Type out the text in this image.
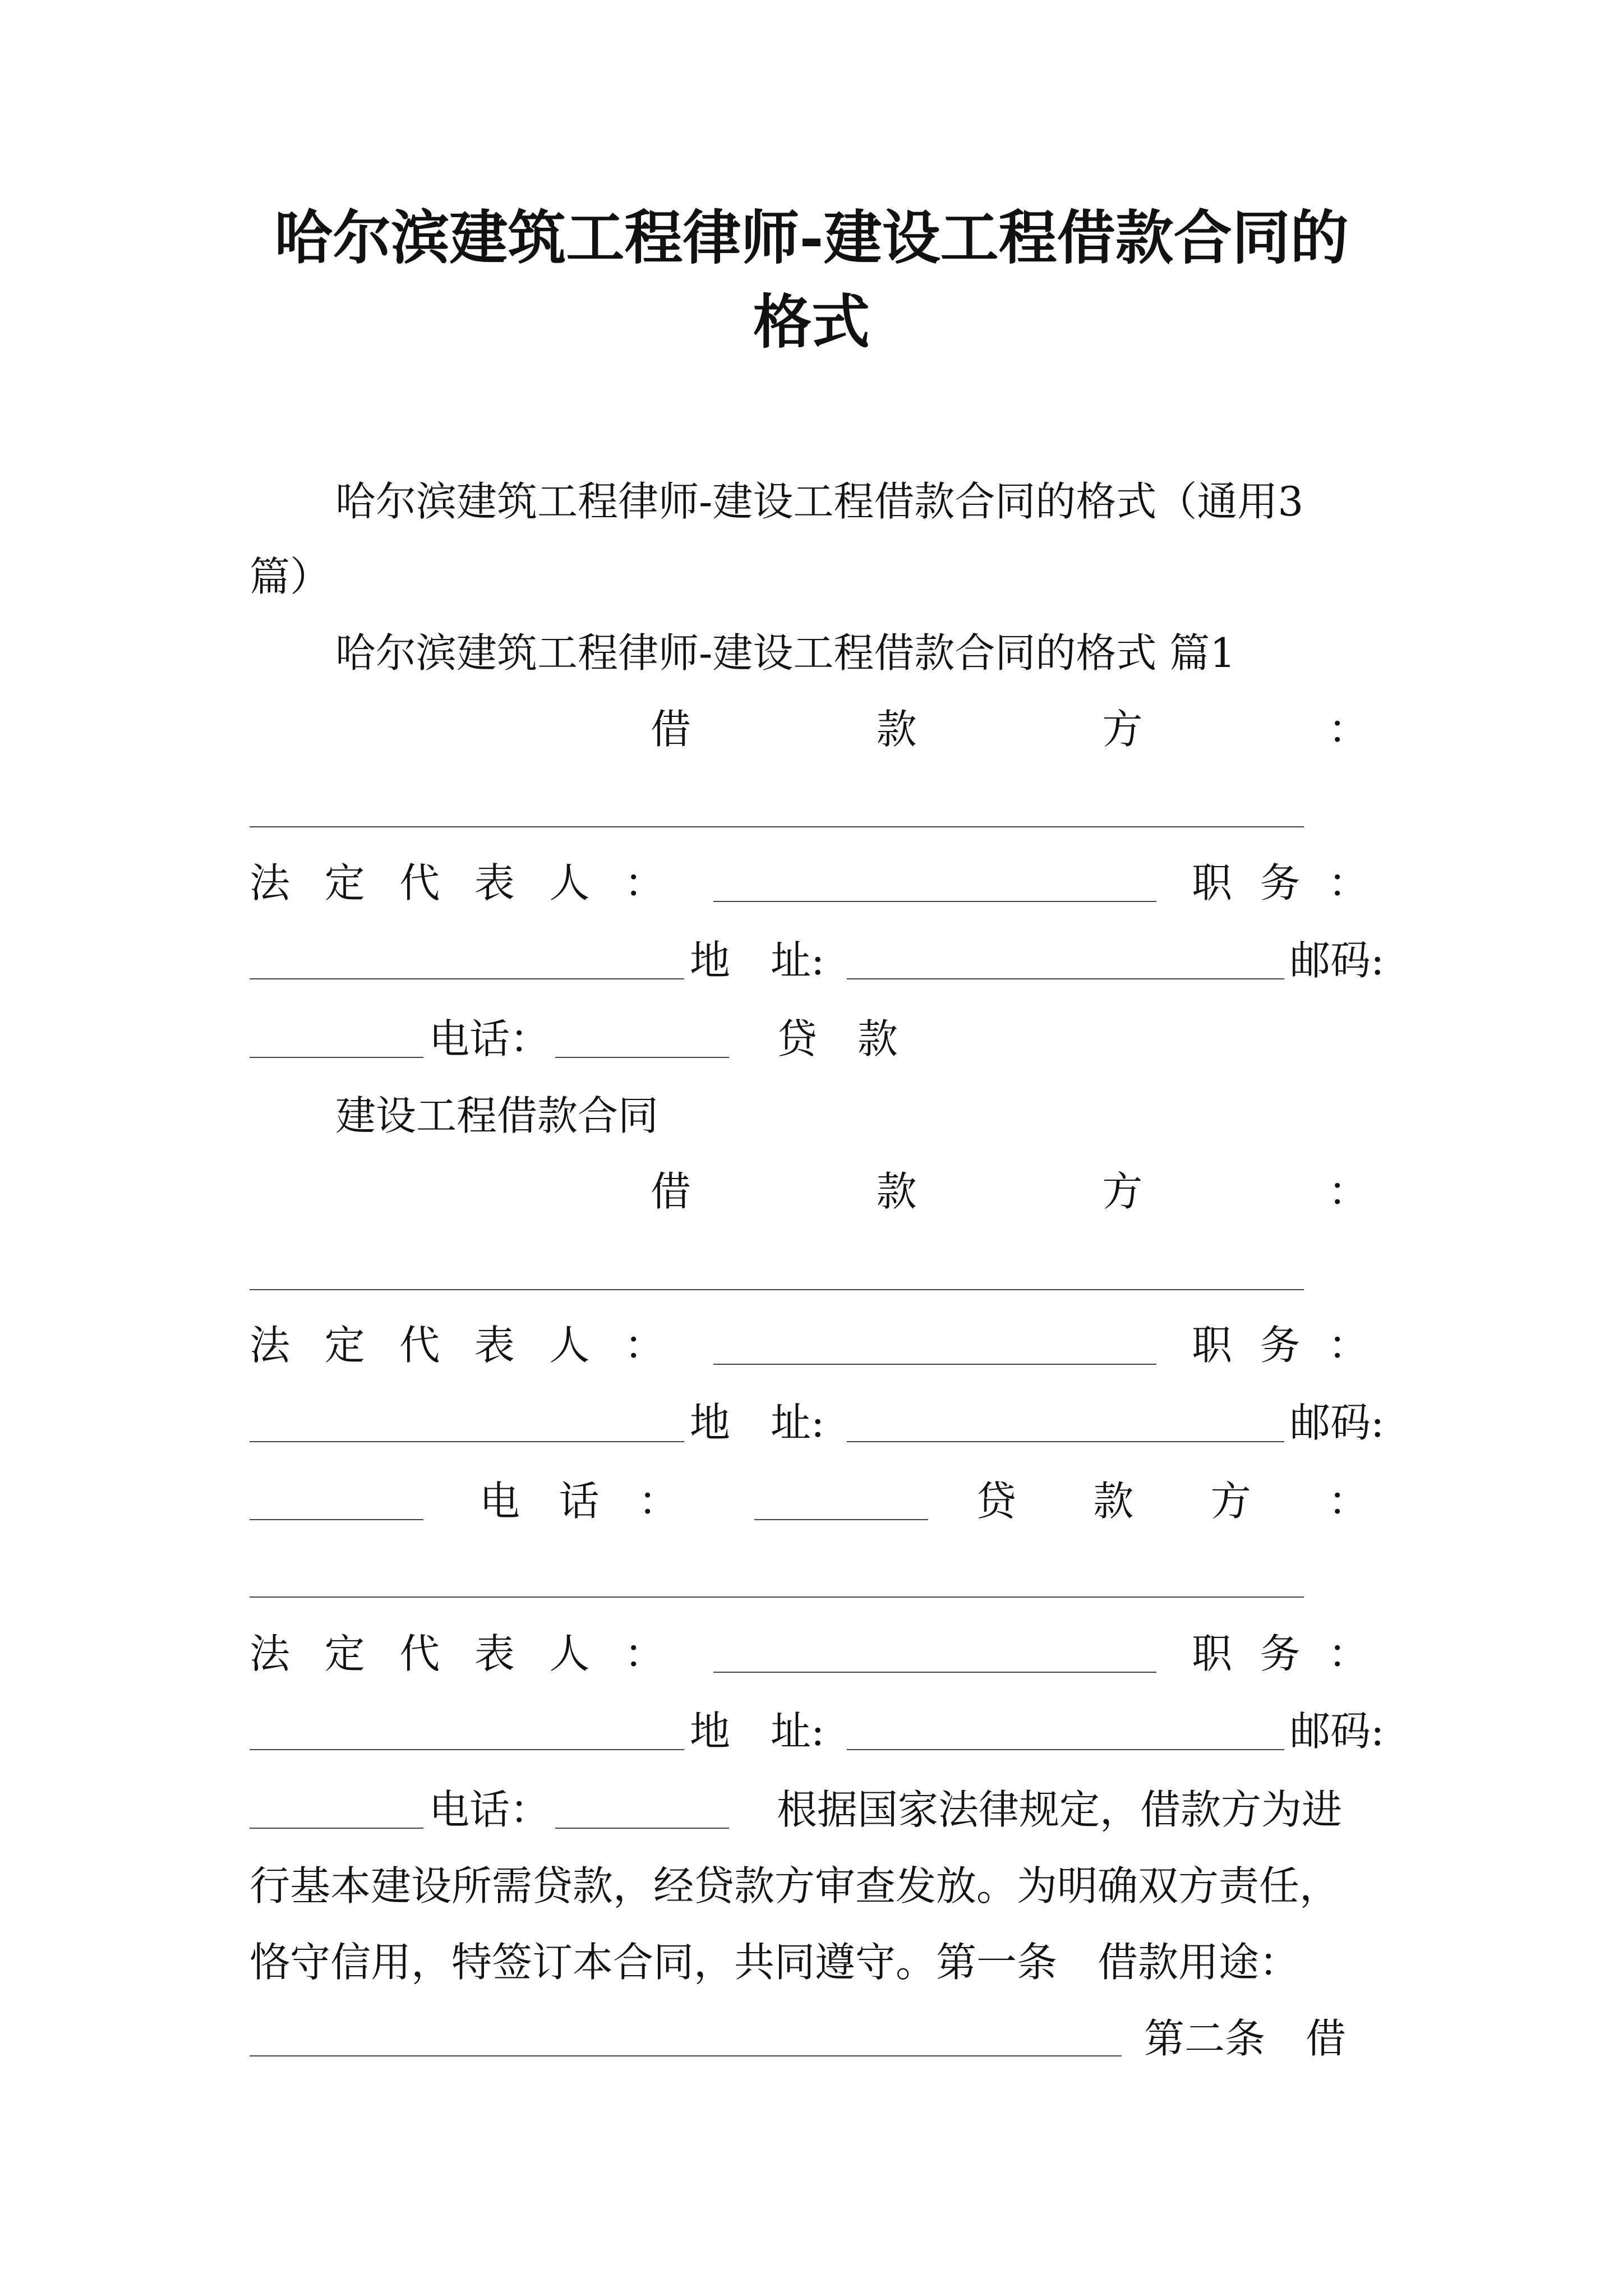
哈尔滨建筑工程律师-建设工程借款合同的
格式
哈尔滨建筑工程律师-建设工程借款合同的格式（通用3
篇）
哈尔滨建筑工程律师-建设工程借款合同的格式 篇1
借	款	方	：
法 定 代 表 人 ：	职 务 ：
地　址:	邮码:
电话：	贷　款
建设工程借款合同
借	款	方	：
法 定 代 表 人 ：	职 务 ：
地　址:	邮码:
电 话 ：	贷 款 方 ：
法 定 代 表 人 ：	职 务 ：
地　址:	邮码:
电话：	根据国家法律规定，借款方为进
行基本建设所需贷款，经贷款方审查发放。为明确双方责任，
恪守信用，特签订本合同，共同遵守。第一条　借款用途：
第二条　借
